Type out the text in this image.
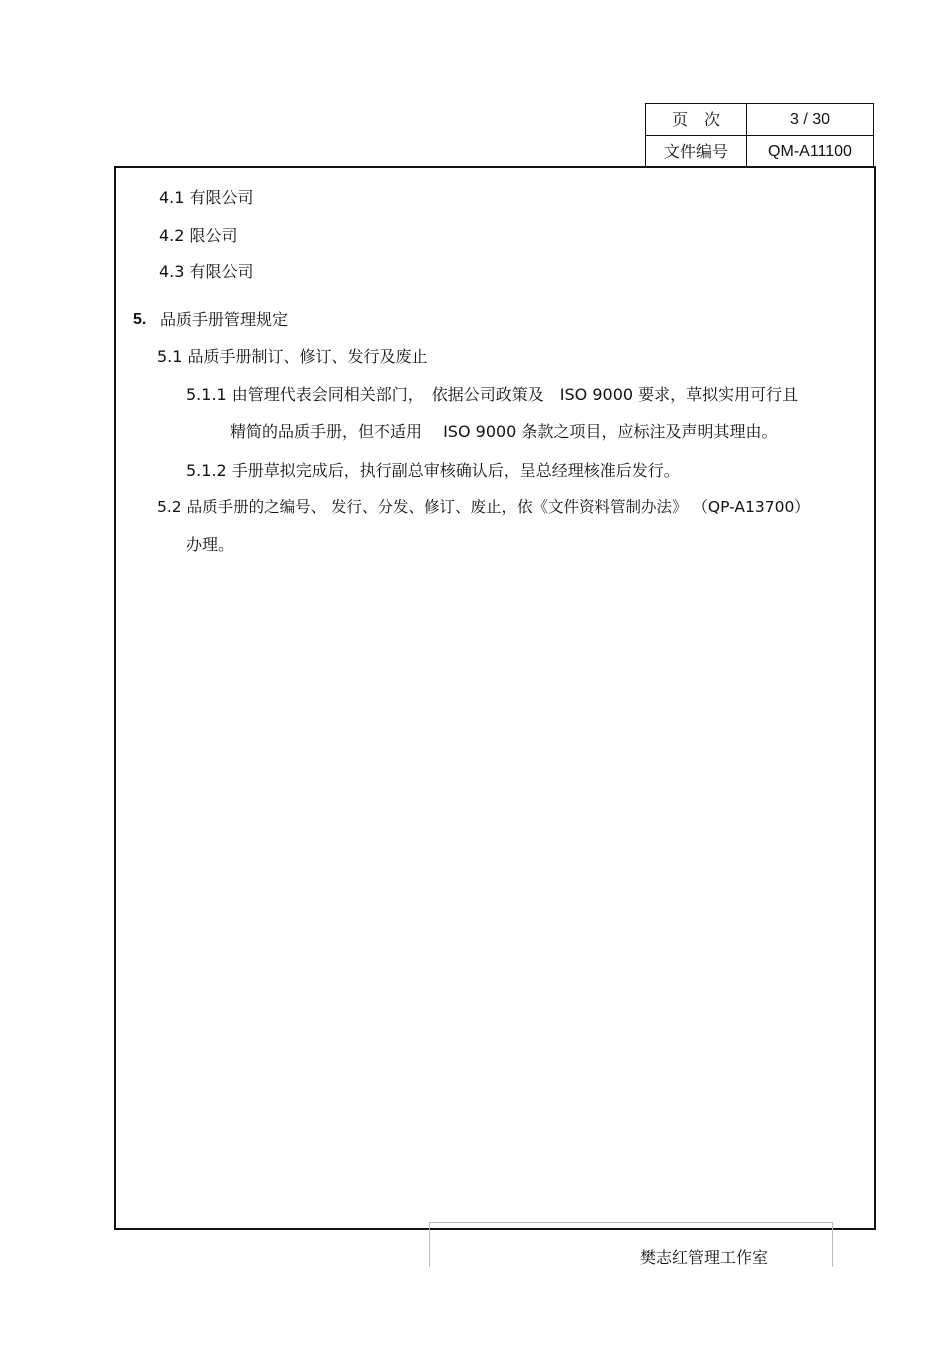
页　次	3 / 30
文件编号	QM-A11100
4.1 有限公司
4.2 限公司
4.3 有限公司
5. 品质手册管理规定
5.1 品质手册制订、修订、发行及废止
5.1.1 由管理代表会同相关部门，　依据公司政策及　ISO 9000 要求，草拟实用可行且
精简的品质手册，但不适用　 ISO 9000 条款之项目，应标注及声明其理由。
5.1.2 手册草拟完成后，执行副总审核确认后，呈总经理核准后发行。
5.2 品质手册的之编号、 发行、分发、修订、废止，依《文件资料管制办法》 （QP-A13700）
办理。
樊志红管理工作室
